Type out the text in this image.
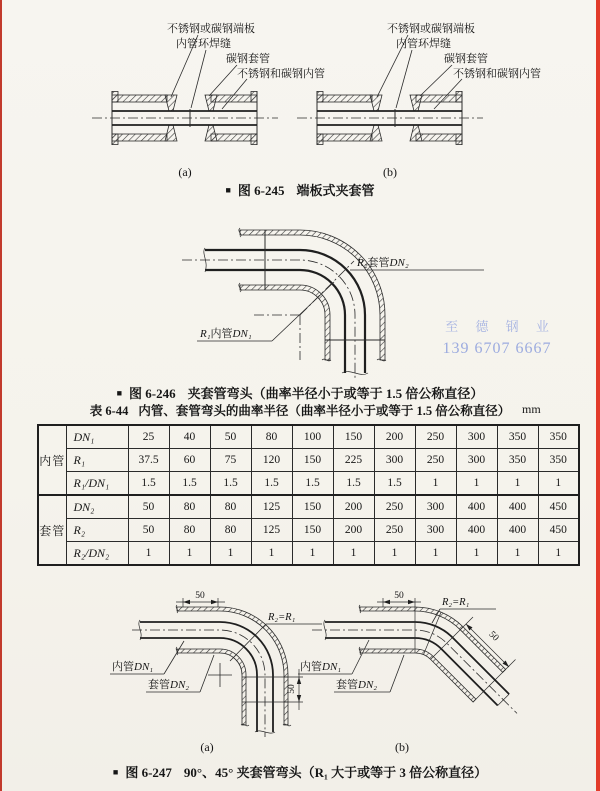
不锈钢或碳钢端板
内管环焊缝
碳钢套管
不锈钢和碳钢内管
不锈钢或碳钢端板
内管环焊缝
碳钢套管
不锈钢和碳钢内管
(a)	(b)
■ 图 6-245 端板式夹套管
R₂套管DN₂
R₁内管DN₁	至 德 钢 业
139 6707 6667
■ 图 6-246 夹套管弯头（曲率半径小于或等于 1.5 倍公称直径）
表 6-44 内管、套管弯头的曲率半径（曲率半径小于或等于 1.5 倍公称直径） mm
内管	DN₁	25	40	50	80	100	150	200	250	300	350	350
	R₁	37.5	60	75	120	150	225	300	250	300	350	350
	R₁/DN₁	1.5	1.5	1.5	1.5	1.5	1.5	1.5	1	1	1	1
套管	DN₂	50	80	80	125	150	200	250	300	400	400	450
	R₂	50	80	80	125	150	200	250	300	400	400	450
	R₂/DN₂	1	1	1	1	1	1	1	1	1	1	1
50
50
R₂=R₁
内管DN₁
套管DN₂
(a)
50
50
R₂=R₁
内管DN₁
套管DN₂
(b)
■ 图 6-247 90°、45° 夹套管弯头（R₁ 大于或等于 3 倍公称直径）
